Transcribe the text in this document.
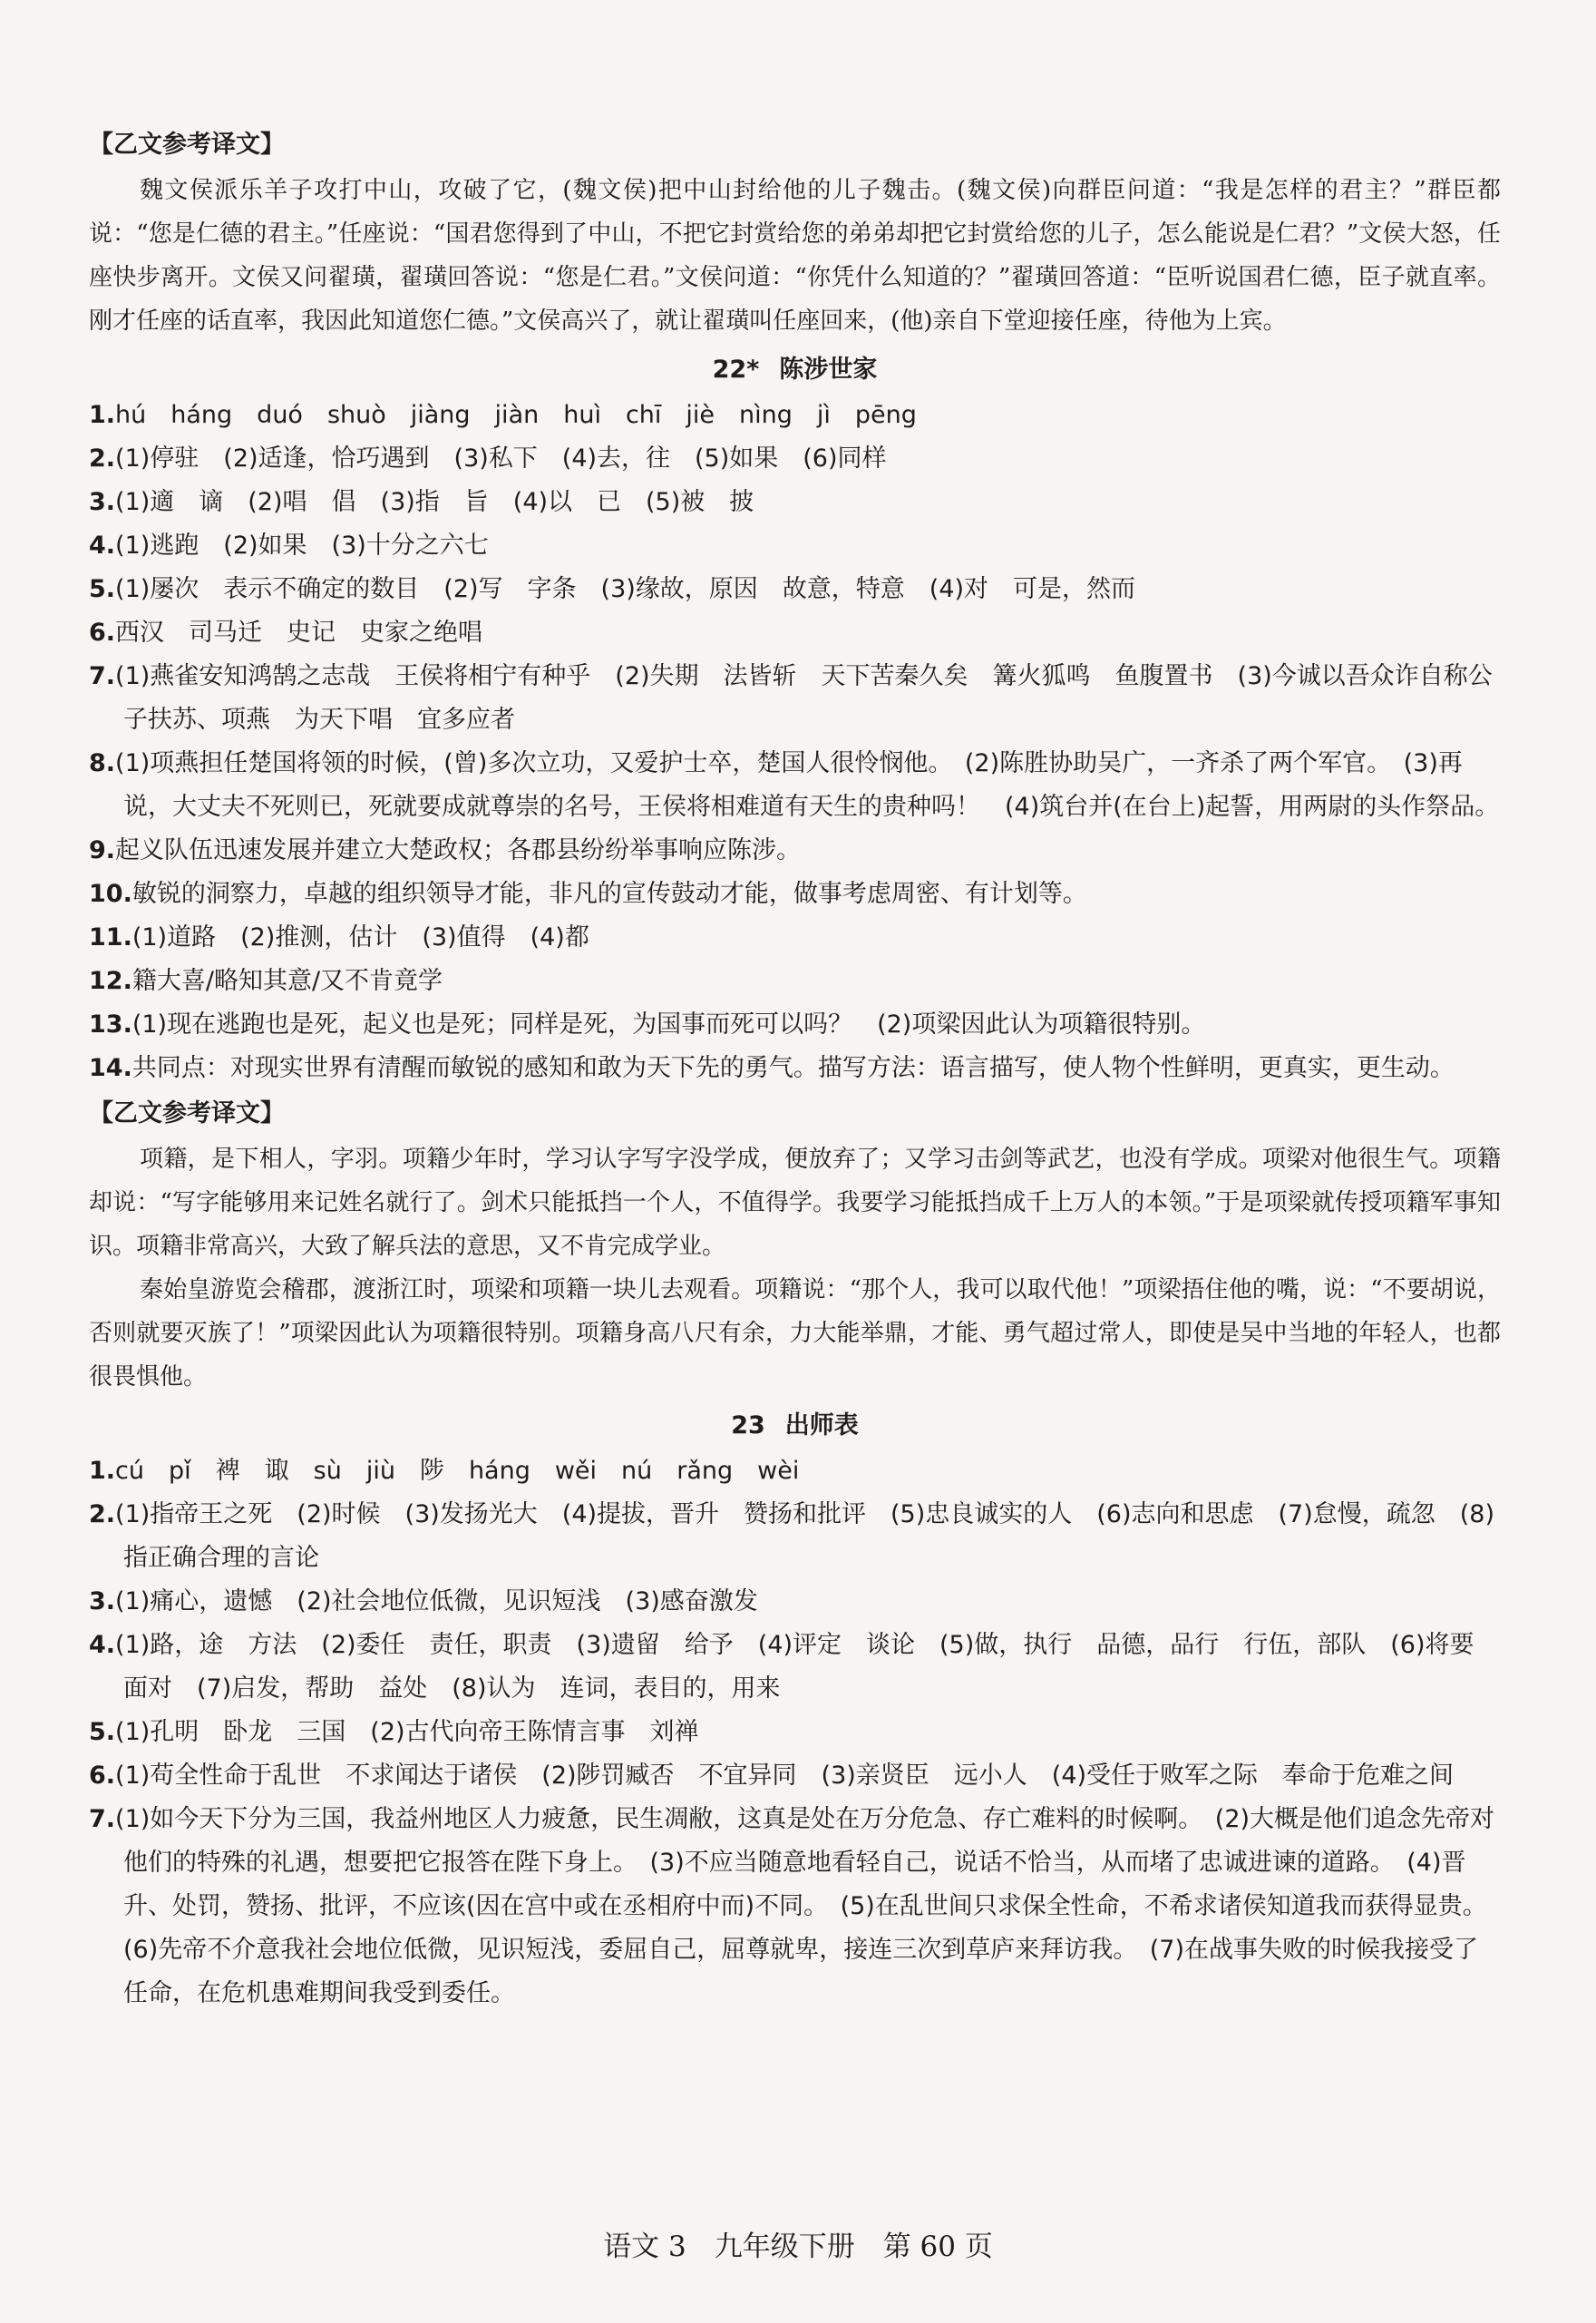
【乙文参考译文】

魏文侯派乐羊子攻打中山，攻破了它，(魏文侯)把中山封给他的儿子魏击。(魏文侯)向群臣问道：“我是怎样的君主？”群臣都说：“您是仁德的君主。”任座说：“国君您得到了中山，不把它封赏给您的弟弟却把它封赏给您的儿子，怎么能说是仁君？”文侯大怒，任座快步离开。文侯又问翟璜，翟璜回答说：“您是仁君。”文侯问道：“你凭什么知道的？”翟璜回答道：“臣听说国君仁德，臣子就直率。刚才任座的话直率，我因此知道您仁德。”文侯高兴了，就让翟璜叫任座回来，(他)亲自下堂迎接任座，待他为上宾。

22* 陈涉世家

1.hú　háng　duó　shuò　jiàng　jiàn　huì　chī　jiè　nìng　jì　pēng

2.(1)停驻　(2)适逢，恰巧遇到　(3)私下　(4)去，往　(5)如果　(6)同样

3.(1)適　谪　(2)唱　倡　(3)指　旨　(4)以　已　(5)被　披

4.(1)逃跑　(2)如果　(3)十分之六七

5.(1)屡次　表示不确定的数目　(2)写　字条　(3)缘故，原因　故意，特意　(4)对　可是，然而

6.西汉　司马迁　史记　史家之绝唱

7.(1)燕雀安知鸿鹄之志哉　王侯将相宁有种乎　(2)失期　法皆斩　天下苦秦久矣　篝火狐鸣　鱼腹置书　(3)今诚以吾众诈自称公子扶苏、项燕　为天下唱　宜多应者

8.(1)项燕担任楚国将领的时候，(曾)多次立功，又爱护士卒，楚国人很怜悯他。　(2)陈胜协助吴广，一齐杀了两个军官。　(3)再说，大丈夫不死则已，死就要成就尊崇的名号，王侯将相难道有天生的贵种吗！　(4)筑台并(在台上)起誓，用两尉的头作祭品。

9.起义队伍迅速发展并建立大楚政权；各郡县纷纷举事响应陈涉。

10.敏锐的洞察力，卓越的组织领导才能，非凡的宣传鼓动才能，做事考虑周密、有计划等。

11.(1)道路　(2)推测，估计　(3)值得　(4)都

12.籍大喜/略知其意/又不肯竟学

13.(1)现在逃跑也是死，起义也是死；同样是死，为国事而死可以吗？　(2)项梁因此认为项籍很特别。

14.共同点：对现实世界有清醒而敏锐的感知和敢为天下先的勇气。描写方法：语言描写，使人物个性鲜明，更真实，更生动。

【乙文参考译文】

项籍，是下相人，字羽。项籍少年时，学习认字写字没学成，便放弃了；又学习击剑等武艺，也没有学成。项梁对他很生气。项籍却说：“写字能够用来记姓名就行了。剑术只能抵挡一个人，不值得学。我要学习能抵挡成千上万人的本领。”于是项梁就传授项籍军事知识。项籍非常高兴，大致了解兵法的意思，又不肯完成学业。

秦始皇游览会稽郡，渡浙江时，项梁和项籍一块儿去观看。项籍说：“那个人，我可以取代他！”项梁捂住他的嘴，说：“不要胡说，否则就要灭族了！”项梁因此认为项籍很特别。项籍身高八尺有余，力大能举鼎，才能、勇气超过常人，即使是吴中当地的年轻人，也都很畏惧他。

23 出师表

1.cú　pǐ　裨　诹　sù　jiù　陟　háng　wěi　nú　rǎng　wèi

2.(1)指帝王之死　(2)时候　(3)发扬光大　(4)提拔，晋升　赞扬和批评　(5)忠良诚实的人　(6)志向和思虑　(7)怠慢，疏忽　(8)指正确合理的言论

3.(1)痛心，遗憾　(2)社会地位低微，见识短浅　(3)感奋激发

4.(1)路，途　方法　(2)委任　责任，职责　(3)遗留　给予　(4)评定　谈论　(5)做，执行　品德，品行　行伍，部队　(6)将要　面对　(7)启发，帮助　益处　(8)认为　连词，表目的，用来

5.(1)孔明　卧龙　三国　(2)古代向帝王陈情言事　刘禅

6.(1)苟全性命于乱世　不求闻达于诸侯　(2)陟罚臧否　不宜异同　(3)亲贤臣　远小人　(4)受任于败军之际　奉命于危难之间

7.(1)如今天下分为三国，我益州地区人力疲惫，民生凋敝，这真是处在万分危急、存亡难料的时候啊。　(2)大概是他们追念先帝对他们的特殊的礼遇，想要把它报答在陛下身上。　(3)不应当随意地看轻自己，说话不恰当，从而堵了忠诚进谏的道路。　(4)晋升、处罚，赞扬、批评，不应该(因在宫中或在丞相府中而)不同。　(5)在乱世间只求保全性命，不希求诸侯知道我而获得显贵。　(6)先帝不介意我社会地位低微，见识短浅，委屈自己，屈尊就卑，接连三次到草庐来拜访我。　(7)在战事失败的时候我接受了任命，在危机患难期间我受到委任。

语文 3　九年级下册　第 60 页
